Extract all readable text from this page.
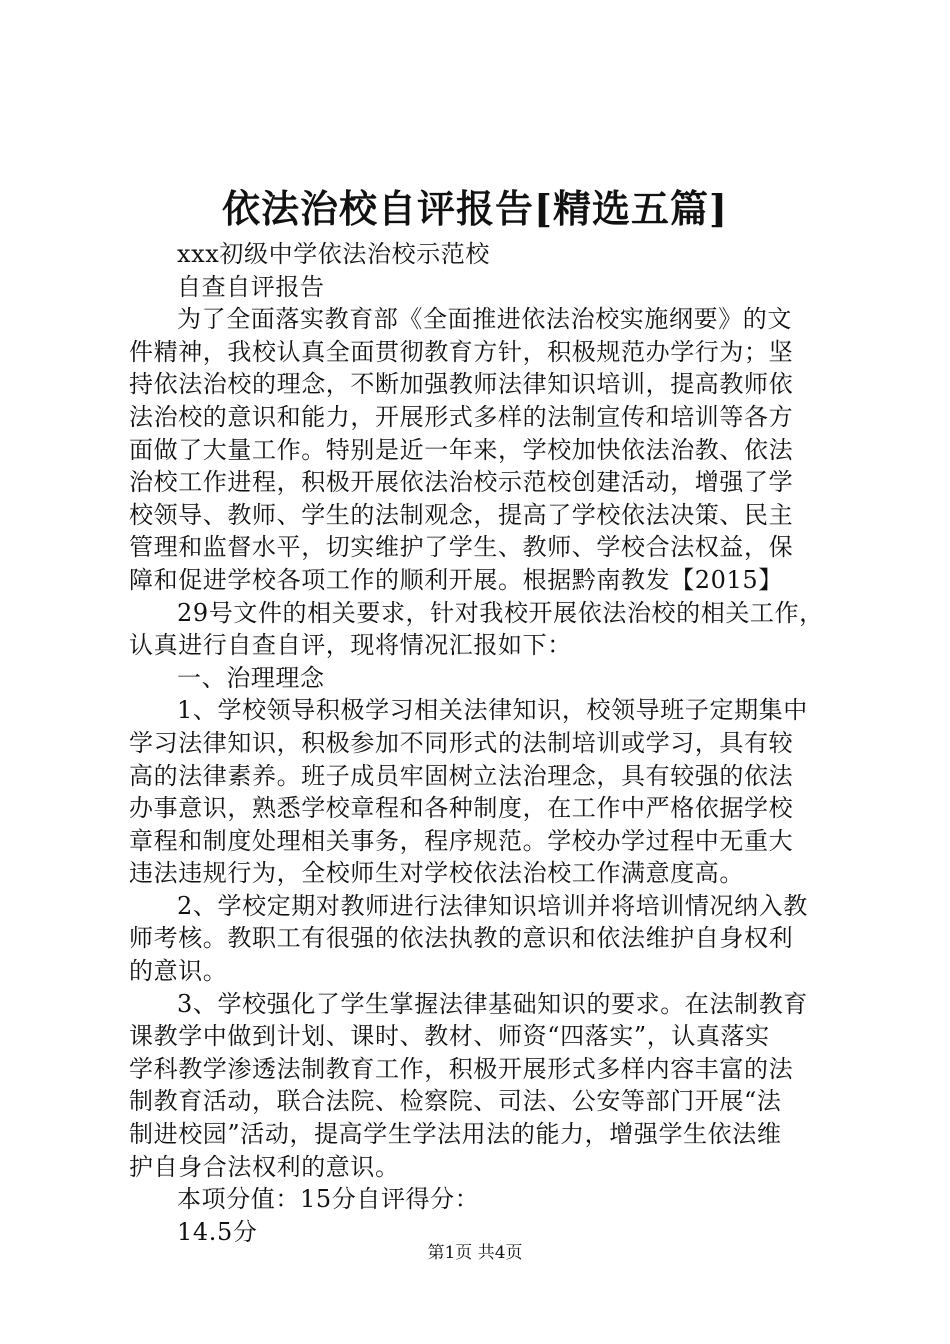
依法治校自评报告[精选五篇]
xxx初级中学依法治校示范校
自查自评报告
为了全面落实教育部《全面推进依法治校实施纲要》的文
件精神，我校认真全面贯彻教育方针，积极规范办学行为；坚
持依法治校的理念，不断加强教师法律知识培训，提高教师依
法治校的意识和能力，开展形式多样的法制宣传和培训等各方
面做了大量工作。特别是近一年来，学校加快依法治教、依法
治校工作进程，积极开展依法治校示范校创建活动，增强了学
校领导、教师、学生的法制观念，提高了学校依法决策、民主
管理和监督水平，切实维护了学生、教师、学校合法权益，保
障和促进学校各项工作的顺利开展。根据黔南教发【2015】
29号文件的相关要求，针对我校开展依法治校的相关工作，
认真进行自查自评，现将情况汇报如下：
一、治理理念
1、学校领导积极学习相关法律知识，校领导班子定期集中
学习法律知识，积极参加不同形式的法制培训或学习，具有较
高的法律素养。班子成员牢固树立法治理念，具有较强的依法
办事意识，熟悉学校章程和各种制度，在工作中严格依据学校
章程和制度处理相关事务，程序规范。学校办学过程中无重大
违法违规行为，全校师生对学校依法治校工作满意度高。
2、学校定期对教师进行法律知识培训并将培训情况纳入教
师考核。教职工有很强的依法执教的意识和依法维护自身权利
的意识。
3、学校强化了学生掌握法律基础知识的要求。在法制教育
课教学中做到计划、课时、教材、师资“四落实”，认真落实
学科教学渗透法制教育工作，积极开展形式多样内容丰富的法
制教育活动，联合法院、检察院、司法、公安等部门开展“法
制进校园”活动，提高学生学法用法的能力，增强学生依法维
护自身合法权利的意识。
本项分值：15分自评得分：
14.5分
第1页 共4页
